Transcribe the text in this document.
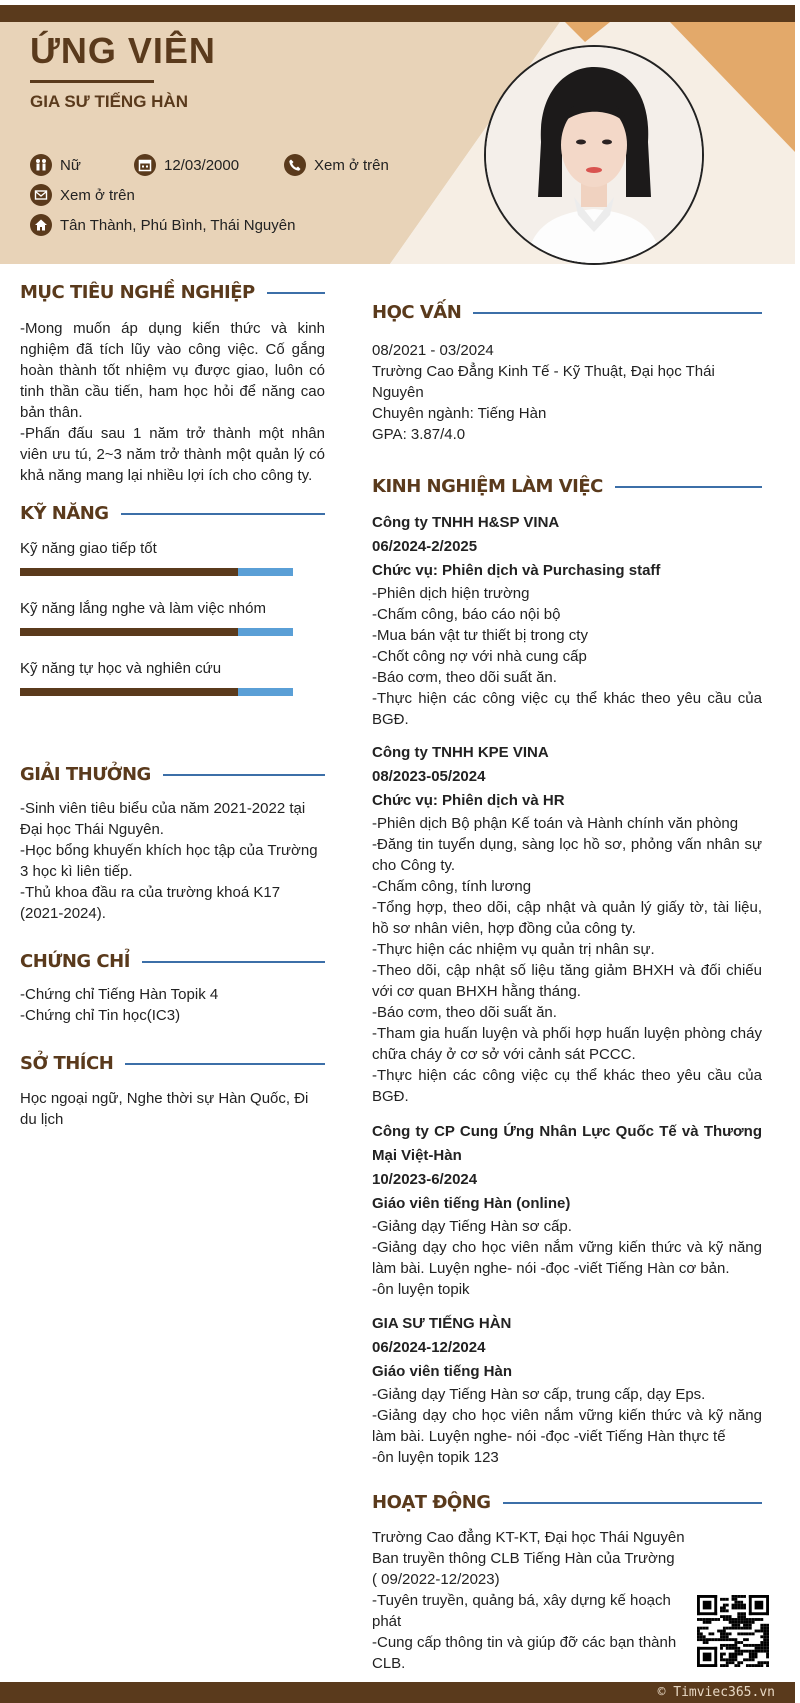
ỨNG VIÊN
GIA SƯ TIẾNG HÀN
Nữ	12/03/2000	Xem ở trên
Xem ở trên
Tân Thành, Phú Bình, Thái Nguyên
MỤC TIÊU NGHỀ NGHIỆP
-Mong muốn áp dụng kiến thức và kinh nghiệm đã tích lũy vào công việc. Cố gắng hoàn thành tốt nhiệm vụ được giao, luôn có tinh thần cầu tiến, ham học hỏi để năng cao bản thân.
-Phấn đấu sau 1 năm trở thành một nhân viên ưu tú, 2~3 năm trở thành một quản lý có khả năng mang lại nhiều lợi ích cho công ty.
KỸ NĂNG
Kỹ năng giao tiếp tốt
Kỹ năng lắng nghe và làm việc nhóm
Kỹ năng tự học và nghiên cứu
GIẢI THƯỞNG
-Sinh viên tiêu biểu của năm 2021-2022 tại Đại học Thái Nguyên.
-Học bổng khuyến khích học tập của Trường 3 học kì liên tiếp.
-Thủ khoa đầu ra của trường khoá K17 (2021-2024).
CHỨNG CHỈ
-Chứng chỉ Tiếng Hàn Topik 4
-Chứng chỉ Tin học(IC3)
SỞ THÍCH
Học ngoại ngữ, Nghe thời sự Hàn Quốc, Đi du lịch
HỌC VẤN
08/2021 - 03/2024
Trường Cao Đẳng Kinh Tế - Kỹ Thuật, Đại học Thái Nguyên
Chuyên ngành: Tiếng Hàn
GPA: 3.87/4.0
KINH NGHIỆM LÀM VIỆC
Công ty TNHH H&SP VINA
06/2024-2/2025
Chức vụ: Phiên dịch và Purchasing staff
-Phiên dịch hiện trường
-Chấm công, báo cáo nội bộ
-Mua bán vật tư thiết bị trong cty
-Chốt công nợ với nhà cung cấp
-Báo cơm, theo dõi suất ăn.
-Thực hiện các công việc cụ thể khác theo yêu cầu của BGĐ.
Công ty TNHH KPE VINA
08/2023-05/2024
Chức vụ: Phiên dịch và HR
-Phiên dịch Bộ phận Kế toán và Hành chính văn phòng
-Đăng tin tuyển dụng, sàng lọc hồ sơ, phỏng vấn nhân sự cho Công ty.
-Chấm công, tính lương
-Tổng hợp, theo dõi, cập nhật và quản lý giấy tờ, tài liệu, hồ sơ nhân viên, hợp đồng của công ty.
-Thực hiện các nhiệm vụ quản trị nhân sự.
-Theo dõi, cập nhật số liệu tăng giảm BHXH và đối chiếu với cơ quan BHXH hằng tháng.
-Báo cơm, theo dõi suất ăn.
-Tham gia huấn luyện và phối hợp huấn luyện phòng cháy chữa cháy ở cơ sở với cảnh sát PCCC.
-Thực hiện các công việc cụ thể khác theo yêu cầu của BGĐ.
Công ty CP Cung Ứng Nhân Lực Quốc Tế và Thương Mại Việt-Hàn
10/2023-6/2024
Giáo viên tiếng Hàn (online)
-Giảng dạy Tiếng Hàn sơ cấp.
-Giảng dạy cho học viên nắm vững kiến thức và kỹ năng làm bài. Luyện nghe- nói -đọc -viết Tiếng Hàn cơ bản.
-ôn luyện topik
GIA SƯ TIẾNG HÀN
06/2024-12/2024
Giáo viên tiếng Hàn
-Giảng dạy Tiếng Hàn sơ cấp, trung cấp, dạy Eps.
-Giảng dạy cho học viên nắm vững kiến thức và kỹ năng làm bài. Luyện nghe- nói -đọc -viết Tiếng Hàn thực tế
-ôn luyện topik 123
HOẠT ĐỘNG
Trường Cao đẳng KT-KT, Đại học Thái Nguyên
Ban truyền thông CLB Tiếng Hàn của Trường
( 09/2022-12/2023)
-Tuyên truyền, quảng bá, xây dựng kế hoạch phát
-Cung cấp thông tin và giúp đỡ các bạn thành
CLB.
© Timviec365.vn
